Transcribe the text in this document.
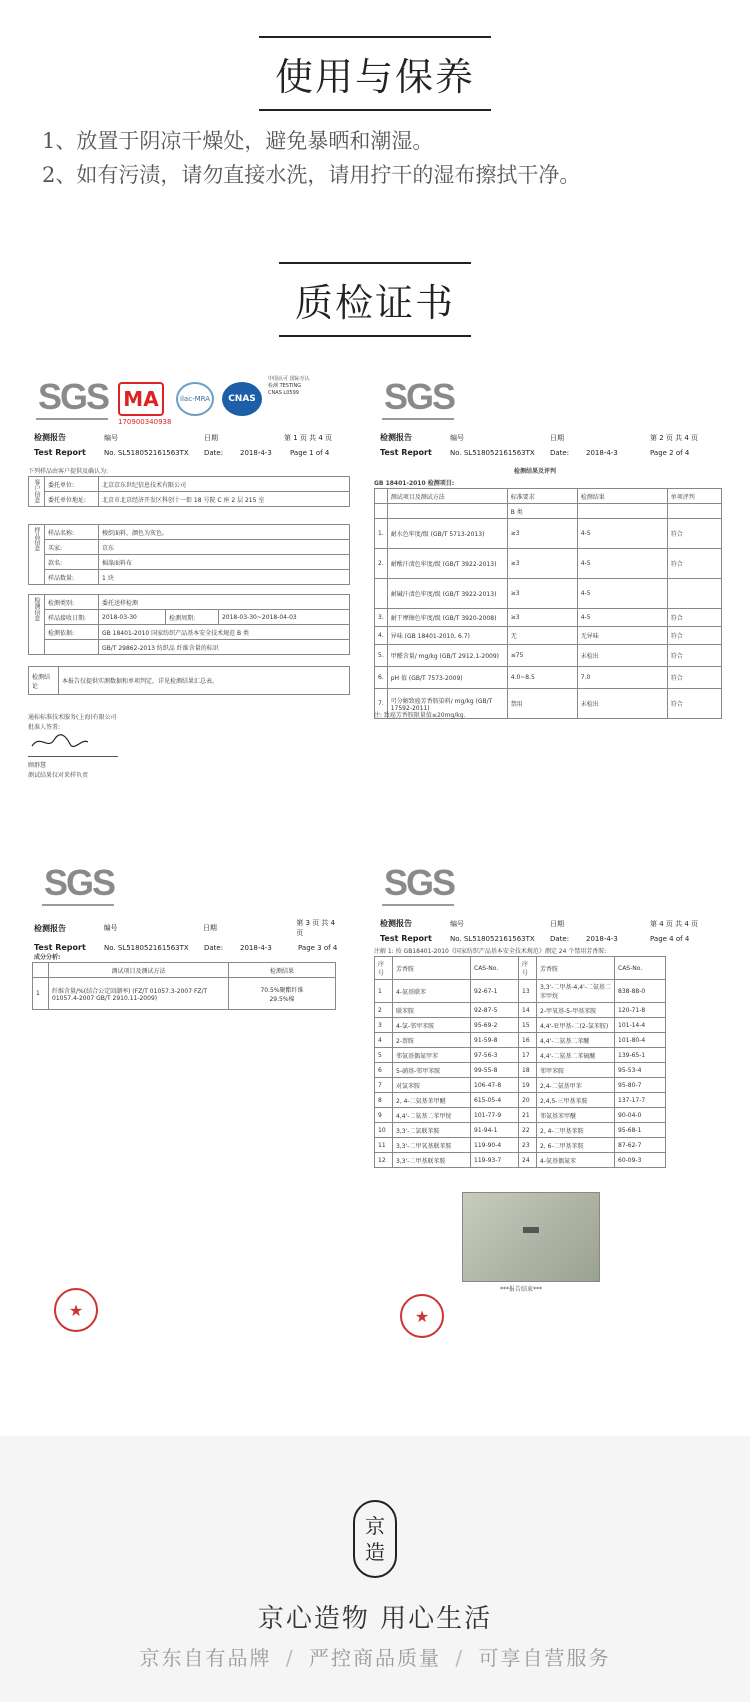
使用与保养
1、放置于阴凉干燥处，避免暴晒和潮湿。
2、如有污渍，请勿直接水洗，请用拧干的湿布擦拭干净。
质检证书
SGS MA
170900340938
ilac-MRA	CNAS
中国认可 国际互认 检测 TESTING CNAS L0599
检测报告	编号	日期	第 1 页 共 4 页
Test Report	No. SL518052161563TX	Date:	2018-4-3	Page 1 of 4
下列样品由客户提供及确认为:
客户信息	委托单位:	北京京东世纪信息技术有限公司
	委托单位地址:	北京市北京经济开发区科创十一街 18 号院 C 座 2 层 215 室
样品信息	样品名称:	梭织面料，颜色为灰色。
	买家:	京东
	款名:	棉涤面料布
	样品数量:	1 块
检测信息	检测类别:	委托送样检测		
	样品接收日期:	2018-03-30	检测周期:	2018-03-30~2018-04-03
	检测依据:	GB 18401-2010 国家纺织产品基本安全技术规范 B 类		
		GB/T 29862-2013 纺织品 纤维含量的标识		
检测结论	本报告仅提供实测数据和单项判定，详见检测结果汇总表。
通标标准技术服务(上海)有限公司
批准人签署:
顾群慧
测试结果仅对来样负责
SGS
检测报告	编号	日期	第 2 页 共 4 页
Test Report	No. SL518052161563TX	Date:	2018-4-3	Page 2 of 4
检测结果及评判
GB 18401-2010 检测项目:
	测试项目及测试方法	标准要求	检测结果	单项评判
		B 类		
1.	耐水色牢度/级 (GB/T 5713-2013)	≥3	4-5	符合
2.	耐酸汗渍色牢度/级 (GB/T 3922-2013)	≥3	4-5	符合
	耐碱汗渍色牢度/级 (GB/T 3922-2013)	≥3	4-5	
3.	耐干摩擦色牢度/级 (GB/T 3920-2008)	≥3	4-5	符合
4.	异味 (GB 18401-2010, 6.7)	无	无异味	符合
5.	甲醛含量/ mg/kg (GB/T 2912.1-2009)	≤75	未检出	符合
6.	pH 值 (GB/T 7573-2009)	4.0~8.5	7.0	符合
7.	可分解致癌芳香胺染料/ mg/kg (GB/T 17592-2011)	禁用	未检出	符合
注: 致癌芳香胺限量值≤20mg/kg.
SGS
检测报告	编号	日期
第 3 页 共 4 页
Test Report	No. SL518052161563TX	Date:	2018-4-3	Page 3 of 4
成分分析:
	测试项目及测试方法	检测结果
1	纤维含量/%(结合公定回潮率) (FZ/T 01057.3-2007 FZ/T 01057.4-2007 GB/T 2910.11-2009)	70.5%聚酯纤维
29.5%棉
★
SGS
检测报告	编号	日期	第 4 页 共 4 页
Test Report	No. SL518052161563TX	Date:	2018-4-3	Page 4 of 4
注解 1: 按 GB18401-2010《国家纺织产品基本安全技术规范》测定 24 个禁用芳香胺:
序号	芳香胺	CAS-No.	序号	芳香胺	CAS-No.
1	4-氨基联苯	92-67-1	13	3,3'-二甲基-4,4'-二氨基二苯甲烷	838-88-0
2	联苯胺	92-87-5	14	2-甲氧基-5-甲基苯胺	120-71-8
3	4-氯-邻甲苯胺	95-69-2	15	4,4'-亚甲基-二(2-氯苯胺)	101-14-4
4	2-萘胺	91-59-8	16	4,4'-二氨基二苯醚	101-80-4
5	邻氨基偶氮甲苯	97-56-3	17	4,4'-二氨基二苯硫醚	139-65-1
6	5-硝基-邻甲苯胺	99-55-8	18	邻甲苯胺	95-53-4
7	对氯苯胺	106-47-8	19	2,4-二氨基甲苯	95-80-7
8	2, 4-二氨基苯甲醚	615-05-4	20	2,4,5-三甲基苯胺	137-17-7
9	4,4'-二氨基二苯甲烷	101-77-9	21	邻氨基苯甲醚	90-04-0
10	3,3'-二氯联苯胺	91-94-1	22	2, 4-二甲基苯胺	95-68-1
11	3,3'-二甲氧基联苯胺	119-90-4	23	2, 6-二甲基苯胺	87-62-7
12	3,3'-二甲基联苯胺	119-93-7	24	4-氨基偶氮苯	60-09-3
***报告结束***
★
京
造
京心造物 用心生活
京东自有品牌 / 严控商品质量 / 可享自营服务
